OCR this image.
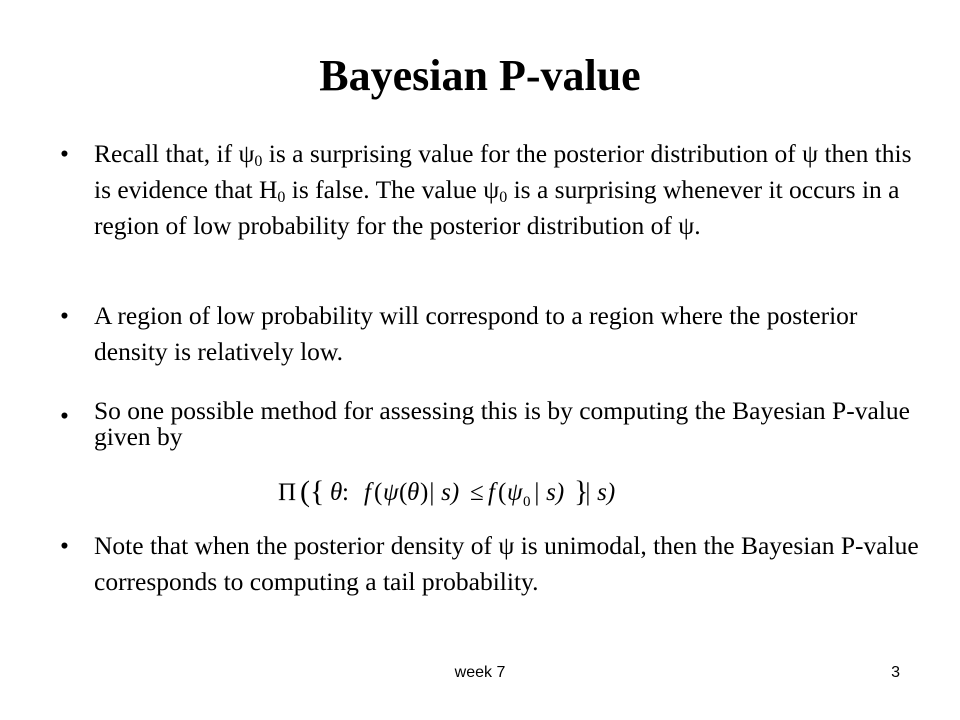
Bayesian P-value
• Recall that, if $\psi_0$ is a surprising value for the posterior distribution of ψ then this is evidence that $H_0$ is false. The value $\psi_0$ is a surprising whenever it occurs in a region of low probability for the posterior distribution of ψ.
• A region of low probability will correspond to a region where the posterior density is relatively low.
• So one possible method for assessing this is by computing the Bayesian P-value given by
Π ({ θ : f ( ψ ( θ ) | s) ≤ f ( ψ 0 | s) }
| s)
• Note that when the posterior density of ψ is unimodal, then the Bayesian P-value corresponds to computing a tail probability.
week 7	3
